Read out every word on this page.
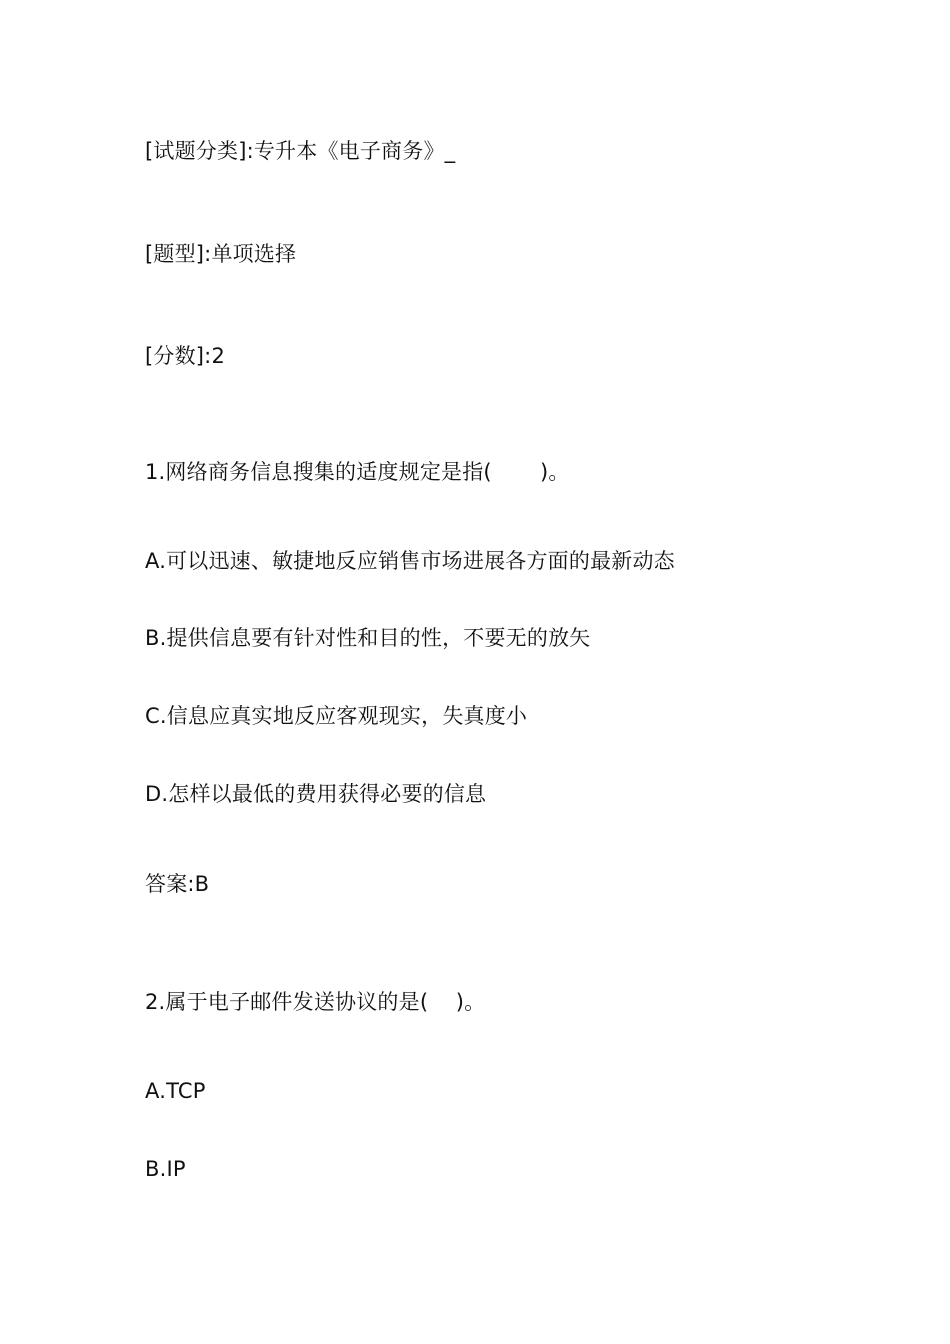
[试题分类]:专升本《电子商务》_
[题型]:单项选择
[分数]:2
1.网络商务信息搜集的适度规定是指(       )。
A.可以迅速、敏捷地反应销售市场进展各方面的最新动态
B.提供信息要有针对性和目的性，不要无的放矢
C.信息应真实地反应客观现实，失真度小
D.怎样以最低的费用获得必要的信息
答案:B
2.属于电子邮件发送协议的是(    )。
A.TCP
B.IP
